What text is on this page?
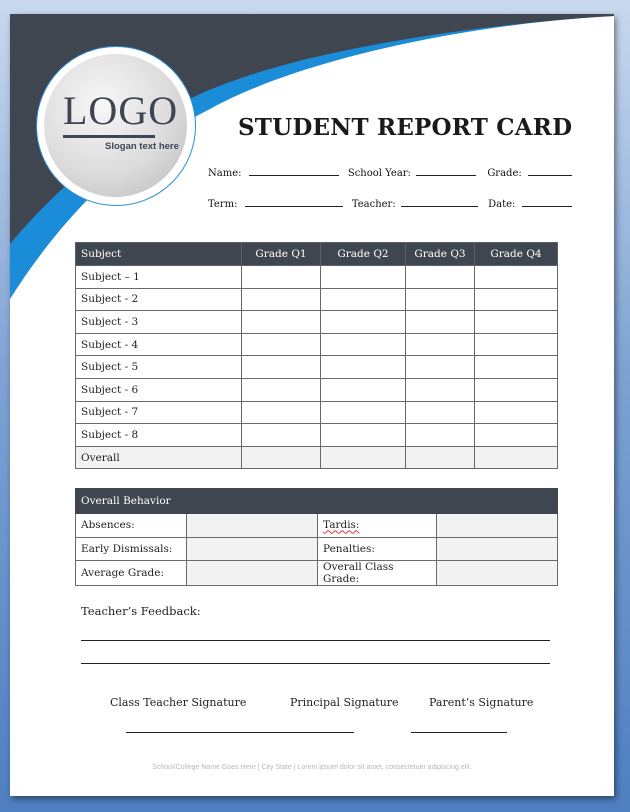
LOGO
Slogan text here
STUDENT REPORT CARD
Name:	School Year:	Grade:
Term:	Teacher:	Date:
Subject	Grade Q1	Grade Q2	Grade Q3	Grade Q4
Subject – 1				
Subject - 2				
Subject - 3				
Subject - 4				
Subject - 5				
Subject - 6				
Subject - 7				
Subject - 8				
Overall				
Overall Behavior			
Absences:		Tardis:	
Early Dismissals:		Penalties:	
Average Grade:		Overall Class Grade:	
Teacher’s Feedback:
Class Teacher Signature	Principal Signature	Parent’s Signature
School/College Name Goes Here | City State | Lorem ipsum dolor sit amet, consectetuer adipiscing elit.
